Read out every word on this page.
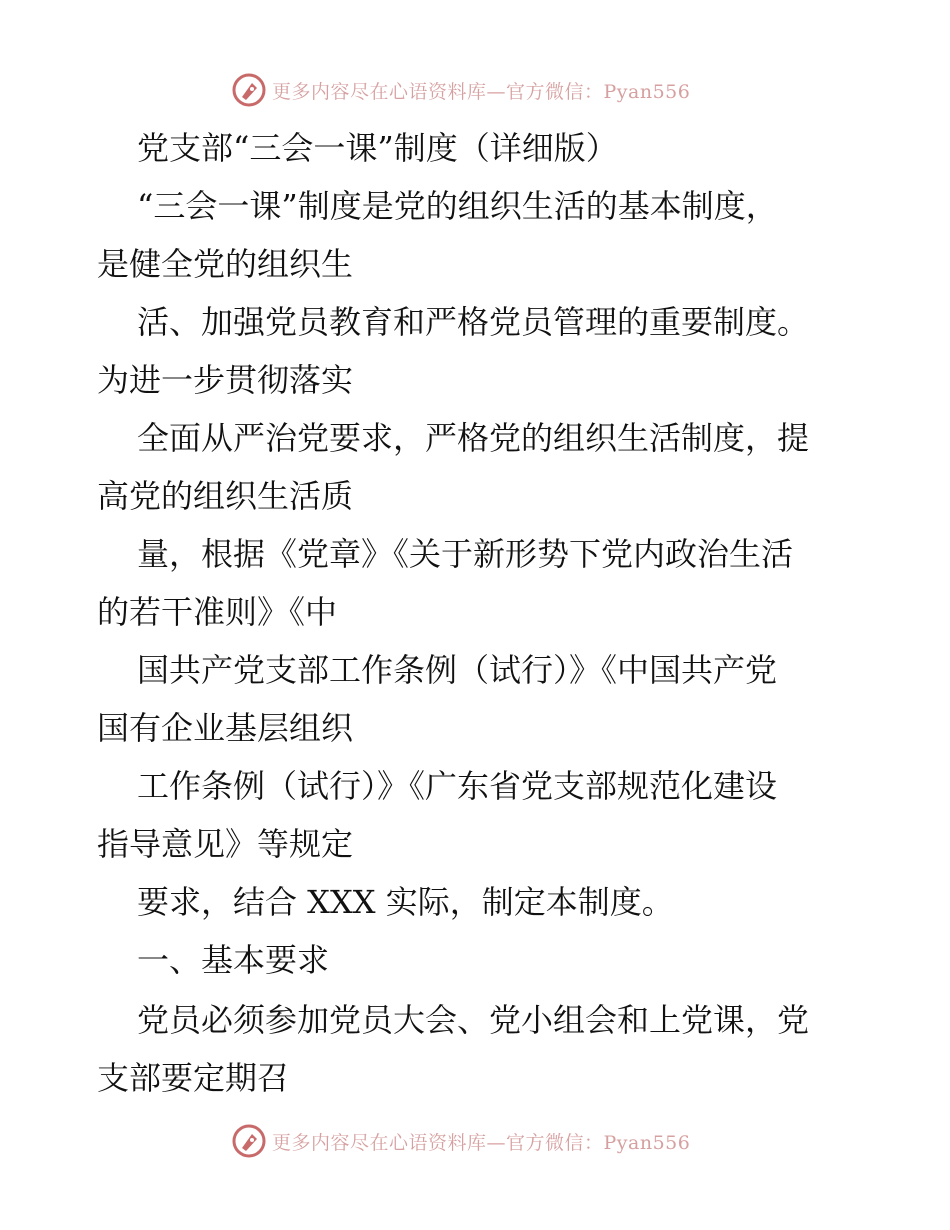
更多内容尽在心语资料库—官方微信：Pyan556
党支部“三会一课”制度（详细版）
“三会一课”制度是党的组织生活的基本制度，
是健全党的组织生
活、加强党员教育和严格党员管理的重要制度。
为进一步贯彻落实
全面从严治党要求，严格党的组织生活制度，提
高党的组织生活质
量，根据《党章》《关于新形势下党内政治生活
的若干准则》《中
国共产党支部工作条例（试行）》《中国共产党
国有企业基层组织
工作条例（试行）》《广东省党支部规范化建设
指导意见》等规定
要求，结合 XXX 实际，制定本制度。
一、基本要求
党员必须参加党员大会、党小组会和上党课，党
支部要定期召
更多内容尽在心语资料库—官方微信：Pyan556
